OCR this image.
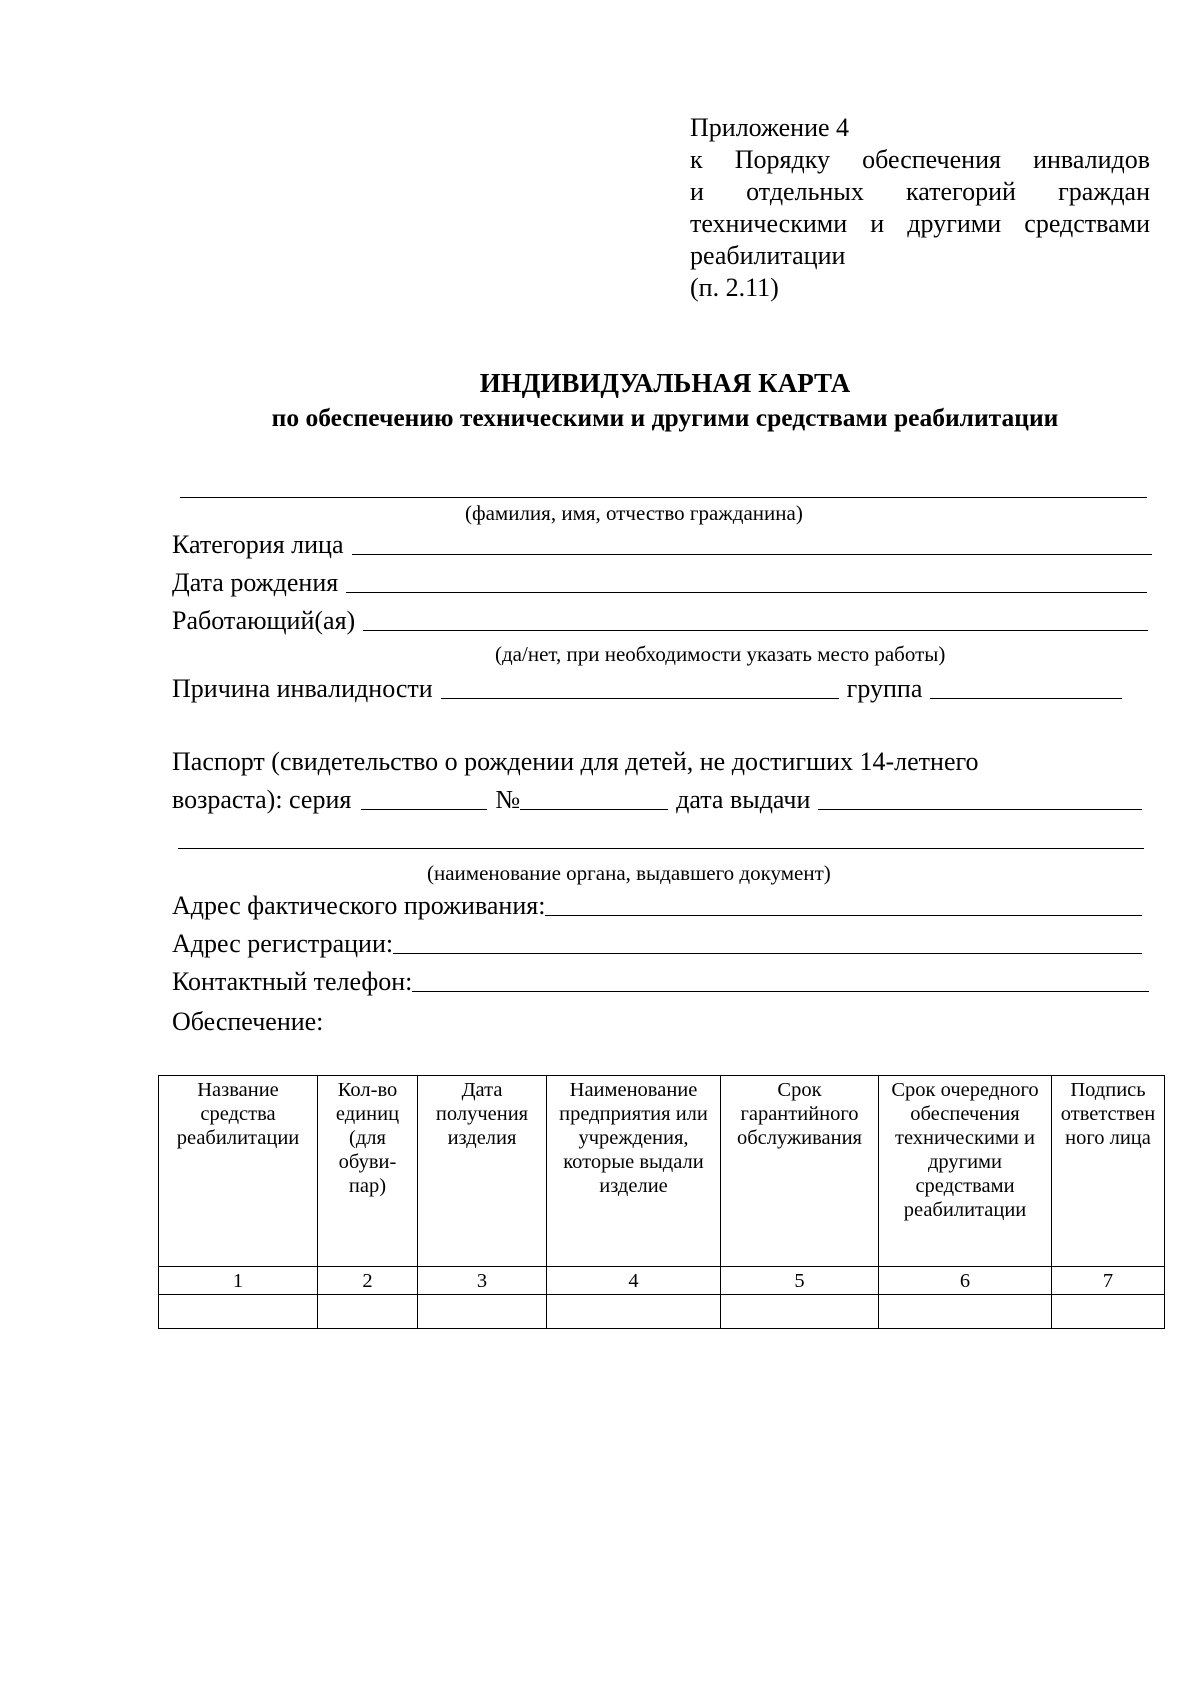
Приложение 4
к Порядку обеспечения инвалидов
и отдельных категорий граждан
техническими и другими средствами
реабилитации
(п. 2.11)
ИНДИВИДУАЛЬНАЯ КАРТА
по обеспечению техническими и другими средствами реабилитации
(фамилия, имя, отчество гражданина)
Категория лица
Дата рождения
Работающий(ая)
(да/нет, при необходимости указать место работы)
Причина инвалидности	группа
Паспорт (свидетельство о рождении для детей, не достигших 14-летнего
возраста): серия	№	дата выдачи
(наименование органа, выдавшего документ)
Адрес фактического проживания:
Адрес регистрации:
Контактный телефон:
Обеспечение:
Название средства реабилитации	Кол-во единиц (для обуви- пар)	Дата получения изделия	Наименование предприятия или учреждения, которые выдали изделие	Срок гарантийного обслуживания	Срок очередного обеспечения техническими и другими средствами реабилитации	Подпись ответствен ного лица
1	2	3	4	5	6	7
